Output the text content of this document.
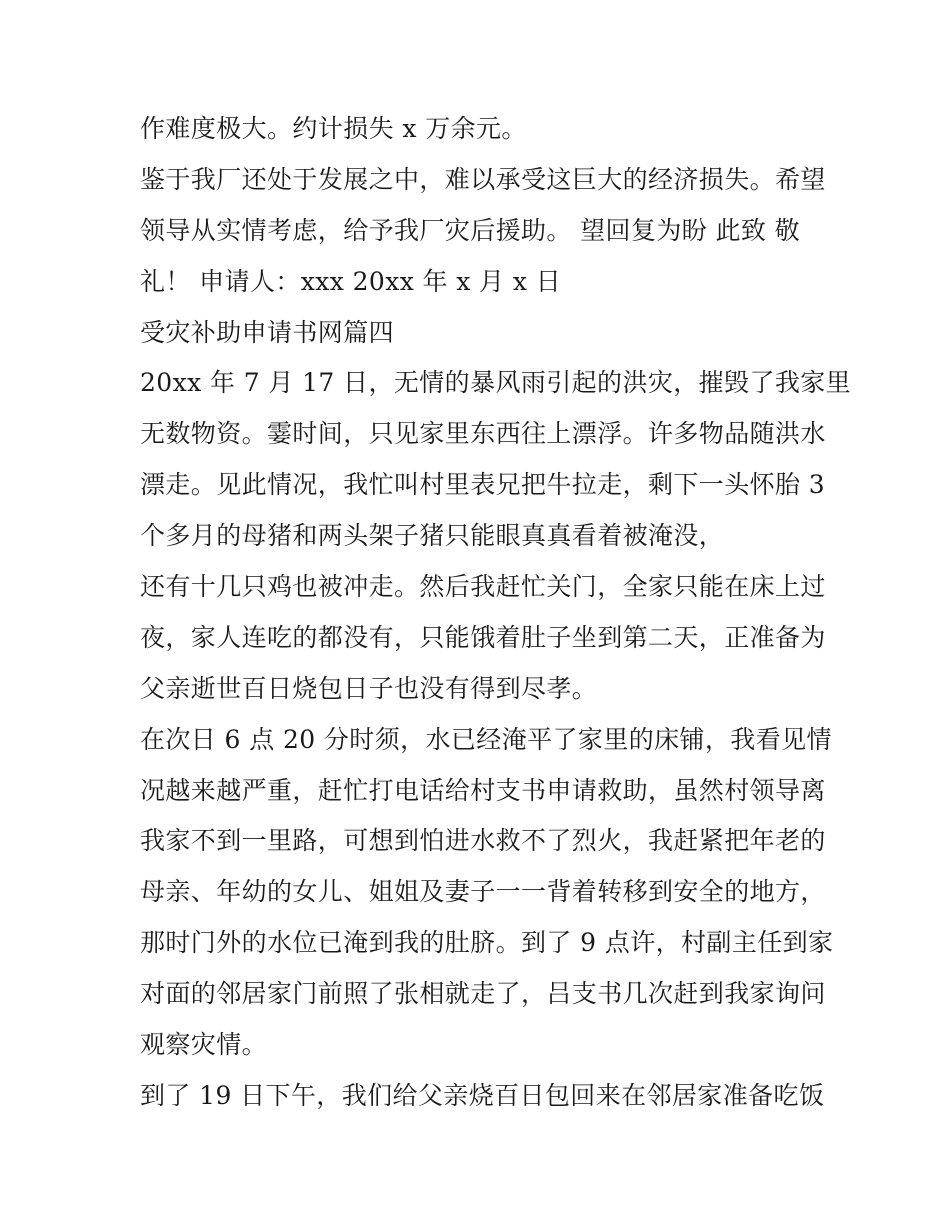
作难度极大。约计损失 x 万余元。
鉴于我厂还处于发展之中，难以承受这巨大的经济损失。希望
领导从实情考虑，给予我厂灾后援助。 望回复为盼 此致 敬
礼！ 申请人：xxx 20xx 年 x 月 x 日
受灾补助申请书网篇四
20xx 年 7 月 17 日，无情的暴风雨引起的洪灾，摧毁了我家里
无数物资。霎时间，只见家里东西往上漂浮。许多物品随洪水
漂走。见此情况，我忙叫村里表兄把牛拉走，剩下一头怀胎 3
个多月的母猪和两头架子猪只能眼真真看着被淹没，
还有十几只鸡也被冲走。然后我赶忙关门，全家只能在床上过
夜，家人连吃的都没有，只能饿着肚子坐到第二天，正准备为
父亲逝世百日烧包日子也没有得到尽孝。
在次日 6 点 20 分时须，水已经淹平了家里的床铺，我看见情
况越来越严重，赶忙打电话给村支书申请救助，虽然村领导离
我家不到一里路，可想到怕进水救不了烈火，我赶紧把年老的
母亲、年幼的女儿、姐姐及妻子一一背着转移到安全的地方，
那时门外的水位已淹到我的肚脐。到了 9 点许，村副主任到家
对面的邻居家门前照了张相就走了，吕支书几次赶到我家询问
观察灾情。
到了 19 日下午，我们给父亲烧百日包回来在邻居家准备吃饭
